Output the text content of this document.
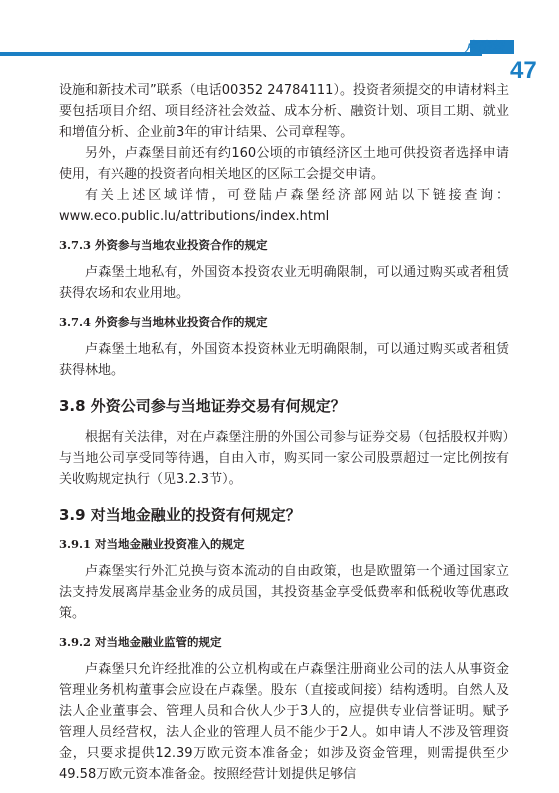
卢森堡
47

设施和新技术司”联系（电话00352 24784111）。投资者须提交的申请材料主要包括项目介绍、项目经济社会效益、成本分析、融资计划、项目工期、就业和增值分析、企业前3年的审计结果、公司章程等。

另外，卢森堡目前还有约160公顷的市镇经济区土地可供投资者选择申请使用，有兴趣的投资者向相关地区的区际工会提交申请。

有关上述区域详情，可登陆卢森堡经济部网站以下链接查询：www.eco.public.lu/attributions/index.html

3.7.3 外资参与当地农业投资合作的规定

卢森堡土地私有，外国资本投资农业无明确限制，可以通过购买或者租赁获得农场和农业用地。

3.7.4 外资参与当地林业投资合作的规定

卢森堡土地私有，外国资本投资林业无明确限制，可以通过购买或者租赁获得林地。

3.8 外资公司参与当地证券交易有何规定？

根据有关法律，对在卢森堡注册的外国公司参与证券交易（包括股权并购）与当地公司享受同等待遇，自由入市，购买同一家公司股票超过一定比例按有关收购规定执行（见3.2.3节）。

3.9 对当地金融业的投资有何规定？
3.9.1 对当地金融业投资准入的规定

卢森堡实行外汇兑换与资本流动的自由政策，也是欧盟第一个通过国家立法支持发展离岸基金业务的成员国，其投资基金享受低费率和低税收等优惠政策。

3.9.2 对当地金融业监管的规定

卢森堡只允许经批准的公立机构或在卢森堡注册商业公司的法人从事资金管理业务机构董事会应设在卢森堡。股东（直接或间接）结构透明。自然人及法人企业董事会、管理人员和合伙人少于3人的，应提供专业信誉证明。赋予管理人员经营权，法人企业的管理人员不能少于2人。如申请人不涉及管理资金，只要求提供12.39万欧元资本准备金；如涉及资金管理，则需提供至少49.58万欧元资本准备金。按照经营计划提供足够信
